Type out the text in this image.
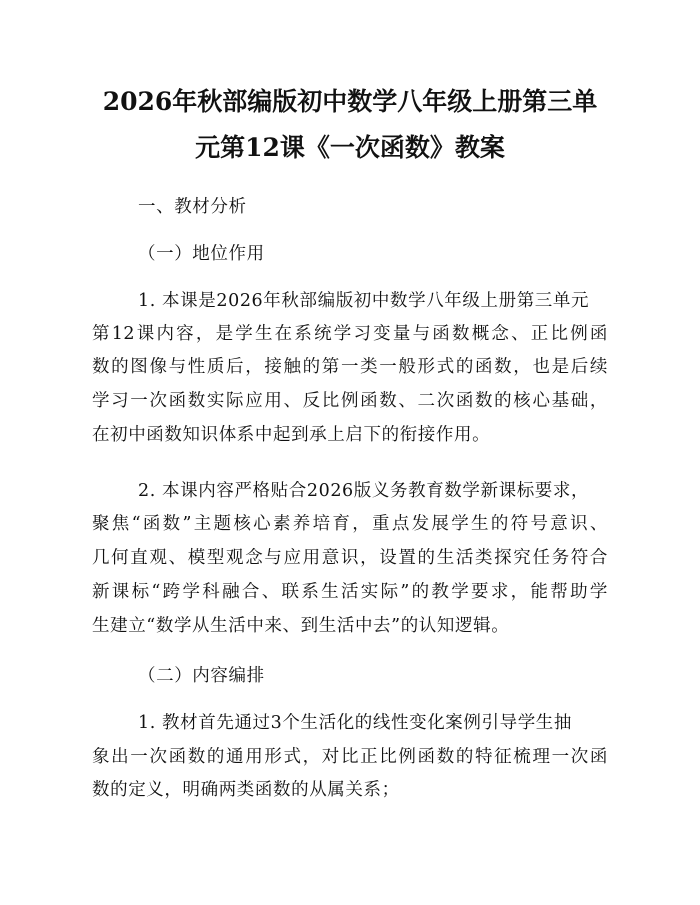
2026年秋部编版初中数学八年级上册第三单
元第12课《一次函数》教案

一、教材分析

（一）地位作用

1. 本课是2026年秋部编版初中数学八年级上册第三单元

第12课内容，是学生在系统学习变量与函数概念、正比例函

数的图像与性质后，接触的第一类一般形式的函数，也是后续

学习一次函数实际应用、反比例函数、二次函数的核心基础，

在初中函数知识体系中起到承上启下的衔接作用。

2. 本课内容严格贴合2026版义务教育数学新课标要求，

聚焦“函数”主题核心素养培育，重点发展学生的符号意识、

几何直观、模型观念与应用意识，设置的生活类探究任务符合

新课标“跨学科融合、联系生活实际”的教学要求，能帮助学

生建立“数学从生活中来、到生活中去”的认知逻辑。

（二）内容编排

1. 教材首先通过3个生活化的线性变化案例引导学生抽

象出一次函数的通用形式，对比正比例函数的特征梳理一次函

数的定义，明确两类函数的从属关系；
